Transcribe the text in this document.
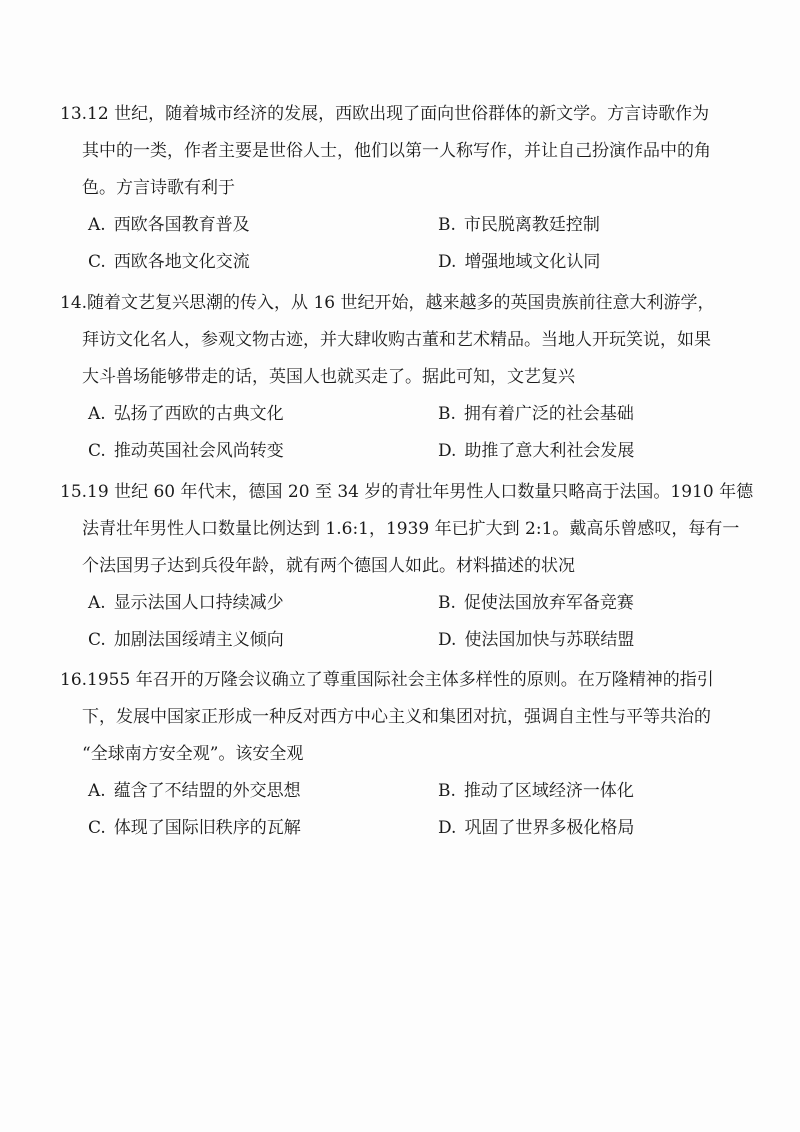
13.12 世纪，随着城市经济的发展，西欧出现了面向世俗群体的新文学。方言诗歌作为
其中的一类，作者主要是世俗人士，他们以第一人称写作，并让自己扮演作品中的角
色。方言诗歌有利于
A. 西欧各国教育普及	B. 市民脱离教廷控制
C. 西欧各地文化交流	D. 增强地域文化认同
14.随着文艺复兴思潮的传入，从 16 世纪开始，越来越多的英国贵族前往意大利游学，
拜访文化名人，参观文物古迹，并大肆收购古董和艺术精品。当地人开玩笑说，如果
大斗兽场能够带走的话，英国人也就买走了。据此可知，文艺复兴
A. 弘扬了西欧的古典文化	B. 拥有着广泛的社会基础
C. 推动英国社会风尚转变	D. 助推了意大利社会发展
15.19 世纪 60 年代末，德国 20 至 34 岁的青壮年男性人口数量只略高于法国。1910 年德
法青壮年男性人口数量比例达到 1.6:1，1939 年已扩大到 2:1。戴高乐曾感叹，每有一
个法国男子达到兵役年龄，就有两个德国人如此。材料描述的状况
A. 显示法国人口持续减少	B. 促使法国放弃军备竞赛
C. 加剧法国绥靖主义倾向	D. 使法国加快与苏联结盟
16.1955 年召开的万隆会议确立了尊重国际社会主体多样性的原则。在万隆精神的指引
下，发展中国家正形成一种反对西方中心主义和集团对抗，强调自主性与平等共治的
“全球南方安全观”。该安全观
A. 蕴含了不结盟的外交思想	B. 推动了区域经济一体化
C. 体现了国际旧秩序的瓦解	D. 巩固了世界多极化格局
